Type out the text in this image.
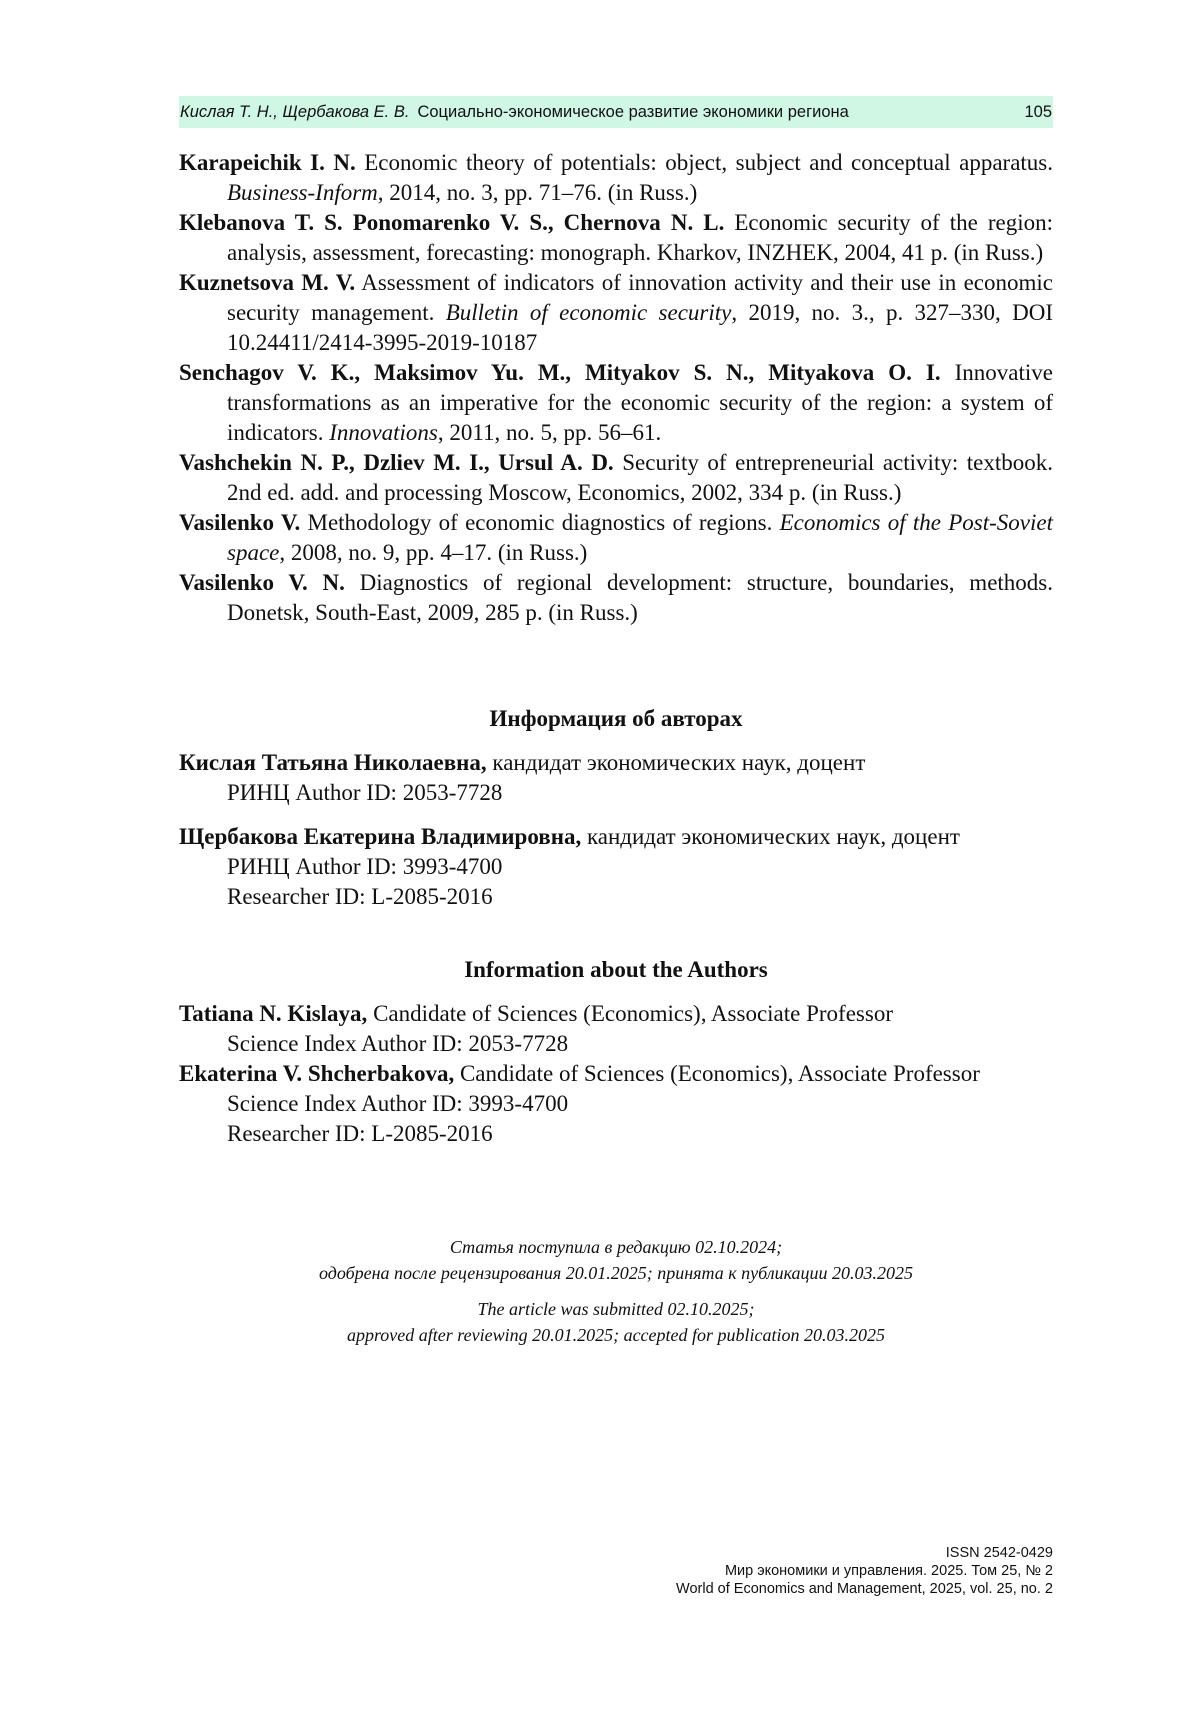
Кислая Т. Н., Щербакова Е. В. Социально-экономическое развитие экономики региона	105
Karapeichik I. N. Economic theory of potentials: object, subject and conceptual apparatus. Business-Inform, 2014, no. 3, pp. 71–76. (in Russ.)
Klebanova T. S. Ponomarenko V. S., Chernova N. L. Economic security of the region: analysis, assessment, forecasting: monograph. Kharkov, INZHEK, 2004, 41 p. (in Russ.)
Kuznetsova M. V. Assessment of indicators of innovation activity and their use in economic security management. Bulletin of economic security, 2019, no. 3., p. 327–330, DOI 10.24411/2414-3995-2019-10187
Senchagov V. K., Maksimov Yu. M., Mityakov S. N., Mityakova O. I. Innovative transformations as an imperative for the economic security of the region: a system of indicators. Innovations, 2011, no. 5, pp. 56–61.
Vashchekin N. P., Dzliev M. I., Ursul A. D. Security of entrepreneurial activity: textbook. 2nd ed. add. and processing Moscow, Economics, 2002, 334 p. (in Russ.)
Vasilenko V. Methodology of economic diagnostics of regions. Economics of the Post-Soviet space, 2008, no. 9, pp. 4–17. (in Russ.)
Vasilenko V. N. Diagnostics of regional development: structure, boundaries, methods. Donetsk, South-East, 2009, 285 p. (in Russ.)
Информация об авторах
Кислая Татьяна Николаевна, кандидат экономических наук, доцент
РИНЦ Author ID: 2053-7728
Щербакова Екатерина Владимировна, кандидат экономических наук, доцент
РИНЦ Author ID: 3993-4700
Researcher ID: L-2085-2016
Information about the Authors
Tatiana N. Kislaya, Candidate of Sciences (Economics), Associate Professor
Science Index Author ID: 2053-7728
Ekaterina V. Shcherbakova, Candidate of Sciences (Economics), Associate Professor
Science Index Author ID: 3993-4700
Researcher ID: L-2085-2016
Статья поступила в редакцию 02.10.2024;
одобрена после рецензирования 20.01.2025; принята к публикации 20.03.2025
The article was submitted 02.10.2025;
approved after reviewing 20.01.2025; accepted for publication 20.03.2025
ISSN 2542-0429
Мир экономики и управления. 2025. Том 25, № 2
World of Economics and Management, 2025, vol. 25, no. 2
